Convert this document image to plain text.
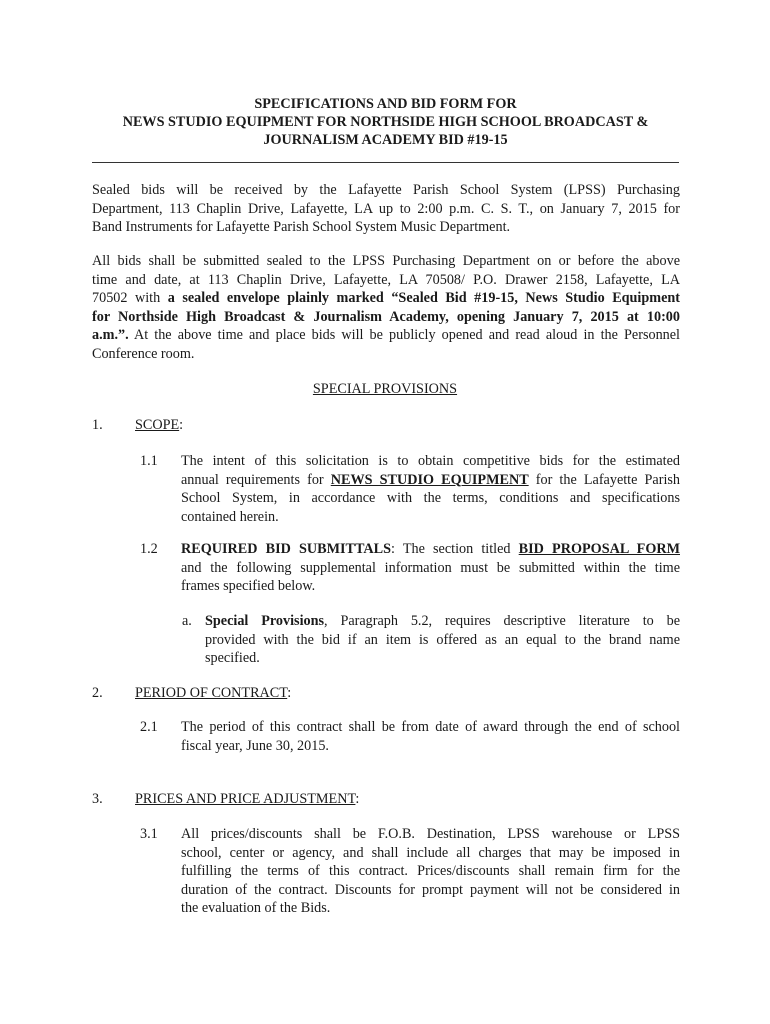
SPECIFICATIONS AND BID FORM FOR
NEWS STUDIO EQUIPMENT FOR NORTHSIDE HIGH SCHOOL BROADCAST &
JOURNALISM ACADEMY BID #19-15
Sealed bids will be received by the Lafayette Parish School System (LPSS) Purchasing
Department, 113 Chaplin Drive, Lafayette, LA up to 2:00 p.m. C. S. T., on January 7, 2015 for
Band Instruments for Lafayette Parish School System Music Department.
All bids shall be submitted sealed to the LPSS Purchasing Department on or before the above
time and date, at 113 Chaplin Drive, Lafayette, LA 70508/ P.O. Drawer 2158, Lafayette, LA
70502 with a sealed envelope plainly marked “Sealed Bid #19-15, News Studio Equipment
for Northside High Broadcast & Journalism Academy, opening January 7, 2015 at 10:00
a.m.”. At the above time and place bids will be publicly opened and read aloud in the Personnel
Conference room.
SPECIAL PROVISIONS
1. SCOPE:
1.1 The intent of this solicitation is to obtain competitive bids for the estimated
annual requirements for NEWS STUDIO EQUIPMENT for the Lafayette Parish
School System, in accordance with the terms, conditions and specifications
contained herein.
1.2 REQUIRED BID SUBMITTALS: The section titled BID PROPOSAL FORM
and the following supplemental information must be submitted within the time
frames specified below.
a. Special Provisions, Paragraph 5.2, requires descriptive literature to be
provided with the bid if an item is offered as an equal to the brand name
specified.
2. PERIOD OF CONTRACT:
2.1 The period of this contract shall be from date of award through the end of school
fiscal year, June 30, 2015.
3. PRICES AND PRICE ADJUSTMENT:
3.1 All prices/discounts shall be F.O.B. Destination, LPSS warehouse or LPSS
school, center or agency, and shall include all charges that may be imposed in
fulfilling the terms of this contract. Prices/discounts shall remain firm for the
duration of the contract. Discounts for prompt payment will not be considered in
the evaluation of the Bids.
